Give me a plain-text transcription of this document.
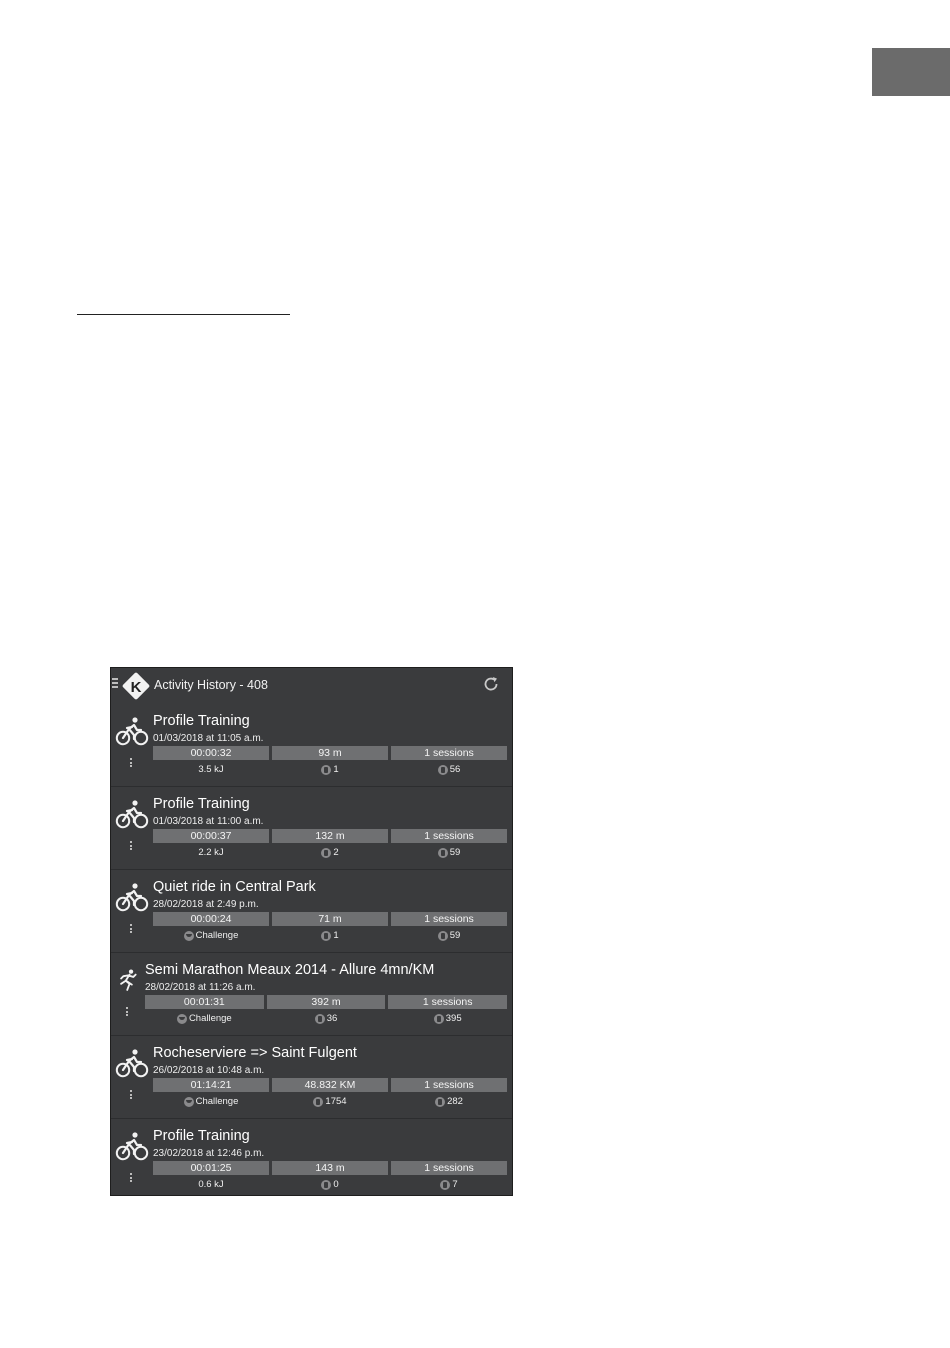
K Activity History - 408
Profile Training
01/03/2018 at 11:05 a.m.
00:00:32	93 m	1 sessions
3.5 kJ	1	56
Profile Training
01/03/2018 at 11:00 a.m.
00:00:37	132 m	1 sessions
2.2 kJ	2	59
Quiet ride in Central Park
28/02/2018 at 2:49 p.m.
00:00:24	71 m	1 sessions
Challenge	1	59
Semi Marathon Meaux 2014 - Allure 4mn/KM
28/02/2018 at 11:26 a.m.
00:01:31	392 m	1 sessions
Challenge	36	395
Rocheserviere => Saint Fulgent
26/02/2018 at 10:48 a.m.
01:14:21	48.832 KM	1 sessions
Challenge	1754	282
Profile Training
23/02/2018 at 12:46 p.m.
00:01:25	143 m	1 sessions
0.6 kJ	0	7
